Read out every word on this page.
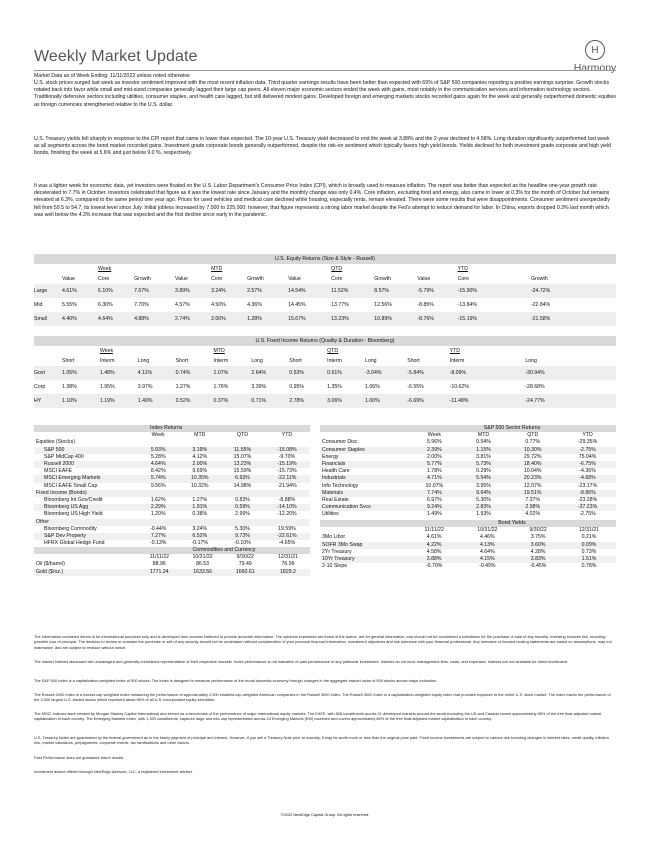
Weekly Market Update	H
Harmony
Market Data as of Week Ending: 11/11/2022 unless noted otherwise
U.S. stock prices surged last week as investor sentiment improved with the most recent inflation data. Third quarter earnings results have been better than expected with 69% of S&P 500 companies reporting a positive earnings surprise. Growth stocks rotated back into favor while small and mid-sized companies generally lagged their large cap peers. All eleven major economic sectors ended the week with gains, most notably in the communication services and information technology sectors. Traditionally defensive sectors including utilities, consumer staples, and health care lagged, but still delivered modest gains. Developed foreign and emerging markets stocks recorded gains again for the week and generally outperformed domestic equities as foreign currencies strengthened relative to the U.S. dollar.
U.S. Treasury yields fell sharply in response to the CPI report that came in lower than expected. The 10-year U.S. Treasury yield decreased to end the week at 3.88% and the 2-year declined to 4.58%. Long duration significantly outperformed last week as all segments across the bond market recorded gains. Investment grade corporate bonds generally outperformed, despite the risk-on sentiment which typically favors high yield bonds. Yields declined for both investment grade corporate and high yield bonds, finishing the week at 5.6% and just below 9.0 %, respectively.
It was a lighter week for economic data, yet investors were fixated on the U.S. Labor Department's Consumer Price Index (CPI), which is broadly used to measure inflation. The report was better than expected as the headline one-year growth rate decelerated to 7.7% in October. Investors celebrated that figure as it was the lowest rate since January and the monthly change was only 0.4%. Core inflation, excluding food and energy, also came in lower at 0.3% for the month of October but remains elevated at 6.3%, compared to the same period one year ago. Prices for used vehicles and medical care declined while housing, especially rents, remain elevated. There were some results that were disappointments. Consumer sentiment unexpectedly fell from 59.5 to 54.7, its lowest level since July. Initial jobless increased by 7,000 to 225,000; however, that figure represents a strong labor market despite the Fed's attempt to reduce demand for labor. In China, exports dropped 0.3% last month which was well below the 4.3% increase that was expected and the first decline since early in the pandemic.
U.S. Equity Returns (Size & Style - Russell)												
		Week			MTD			QTD			YTD	
	Value	Core	Growth	Value	Core	Growth	Value	Core	Growth	Value	Core	Growth
Large	4.61%	6.10%	7.67%	3.89%	3.24%	2.57%	14.54%	11.52%	8.57%	-5.79%	-15.90%	-24.72%
Mid	5.55%	6.30%	7.70%	4.57%	4.50%	4.36%	14.45%	13.77%	12.56%	-8.85%	-13.84%	-22.84%
Small	4.40%	4.64%	4.88%	2.74%	2.00%	1.28%	15.67%	13.23%	10.89%	-8.76%	-15.19%	-21.58%
U.S. Fixed Income Returns (Quality & Duration - Bloomberg)												
		Week			MTD			QTD			YTD	
	Short	Interm	Long	Short	Interm	Long	Short	Interm	Long	Short	Interm	Long
Govt	1.05%	1.48%	4.11%	0.74%	1.07%	2.64%	0.53%	0.61%	-3.04%	-5.84%	-8.09%	-30.94%
Corp	1.38%	1.95%	3.97%	1.27%	1.76%	3.39%	0.95%	1.35%	1.06%	-6.55%	-10.62%	-28.68%
HY	1.10%	1.19%	1.49%	0.52%	0.37%	0.71%	2.78%	3.06%	1.00%	-6.69%	-11.48%	-24.77%
	Index Returns			
	Week	MTD	QTD	YTD
Equities (Stocks)				
S&P 500	5.93%	3.19%	11.55%	-15.08%
S&P MidCap 400	5.28%	4.12%	15.07%	-9.70%
Russell 2000	4.64%	2.00%	13.23%	-15.19%
MSCI EAFE	8.42%	9.69%	15.59%	-15.73%
MSCI Emerging Markets	5.74%	10.35%	6.93%	-22.11%
MSCI EAFE Small Cap	9.56%	10.32%	14.98%	-21.94%
Fixed Income (Bonds)				
Bloomberg Int Gov/Credit	1.62%	1.27%	0.83%	-8.88%
Bloomberg US Agg	2.29%	1.91%	0.59%	-14.10%
Bloomberg US High Yield	1.20%	0.38%	2.99%	-12.20%
Other				
Bloomberg Commodity	-0.44%	3.24%	5.30%	19.59%
S&P Dev Property	7.27%	6.52%	9.73%	-22.61%
HFRX Global Hedge Fund	-0.13%	-0.17%	-0.10%	-4.65%
	Commodities and Currency			
	11/11/22	10/31/22	9/30/22	12/31/21
Oil ($/barrel)	88.96	86.53	79.49	76.99
Gold ($/oz.)	1771.24	1633.56	1660.61	1829.2
	S&P 500 Sector Returns			
	Week	MTD	QTD	YTD
Consumer Disc	5.96%	0.54%	0.77%	-29.35%
Consumer Staples	2.39%	1.15%	10.30%	-2.75%
Energy	2.00%	3.81%	29.72%	75.04%
Financials	5.77%	5.73%	18.40%	-6.75%
Health Care	1.78%	0.29%	10.04%	-4.36%
Industrials	4.71%	5.54%	20.23%	-4.68%
Info Technology	10.07%	3.95%	12.07%	-23.17%
Materials	7.74%	9.64%	19.51%	-8.86%
Real Estate	6.97%	5.30%	7.37%	-23.28%
Communication Svcs	9.24%	2.83%	2.98%	-37.23%
Utilities	1.49%	1.93%	4.02%	-2.75%
	Bond Yields			
	11/11/22	10/31/22	9/30/22	12/31/21
3Mo Libor	4.61%	4.46%	3.75%	0.21%
SOFR 3Mo Swap	4.22%	4.13%	3.60%	0.09%
2Yr Treasury	4.58%	4.64%	4.28%	0.73%
10Yr Treasury	3.88%	4.15%	3.83%	1.51%
2-10 Slope	-0.70%	-0.49%	-0.45%	0.78%
The information contained herein is for informational purposes only and is developed from sources believed to provide accurate information. The opinions expressed are those of the author, are for general information, and should not be considered a solicitation for the purchase or sale of any security. Investing involves risk, including possible loss of principal. The decision to review or consider the purchase or sell of any security should not be undertaken without consideration of your personal financial information, investment objectives and risk tolerance with your financial professional. Any forecasts or forward-looking statements are based on assumptions, may not materialize, and are subject to revision without notice.
The market indexes discussed are unmanaged and generally considered representative of their respective markets. Index performance is not indicative of past performance of any particular investment. Indexes do not incur management fees, costs, and expenses. Indexes are not available for direct investment.
The S&P 500 Index is a capitalization-weighted index of 500 stocks. The index is designed to measure performance of the broad domestic economy through changes in the aggregate market value of 500 stocks across major industries.
The Russell 2000 Index is a market-cap weighted index measuring the performance of approximately 2,000 smallest-cap weighted American companies in the Russell 3000 index. The Russell 3000 Index is a capitalization-weighted equity index that provides exposure to the entire U.S. stock market. The index tracks the performance of the 3,000 largest U.S.-traded stocks which represent about 98% of all U.S. incorporated equity securities.
The MSCI Indexes were created by Morgan Stanley Capital International and serves as a benchmark of the performance of major international equity markets. The EAFE, with 826 constituents across 21 developed markets around the world excluding the US and Canada covers approximately 85% of the free float-adjusted market capitalization of each country. The Emerging Markets Index, with 1,393 constituents, captures large and mid-cap representation across 24 Emerging Markets (EM) countries and covers approximately 85% of the free float-adjusted market capitalization in each country.
U.S. Treasury Notes are guaranteed by the federal government as to the timely payment of principal and interest. However, if you sell a Treasury Note prior to maturity, it may be worth more or less than the original price paid. Fixed income investments are subject to various risk including changes in interest rates, credit quality, inflation risk, market valuations, prepayments, corporate events, tax ramifications and other factors.
Past Performance does not guarantee future results.
Investment advice offered through NewEdge Advisors, LLC, a registered investment adviser.
©2022 NewEdge Capital Group. All rights reserved.
